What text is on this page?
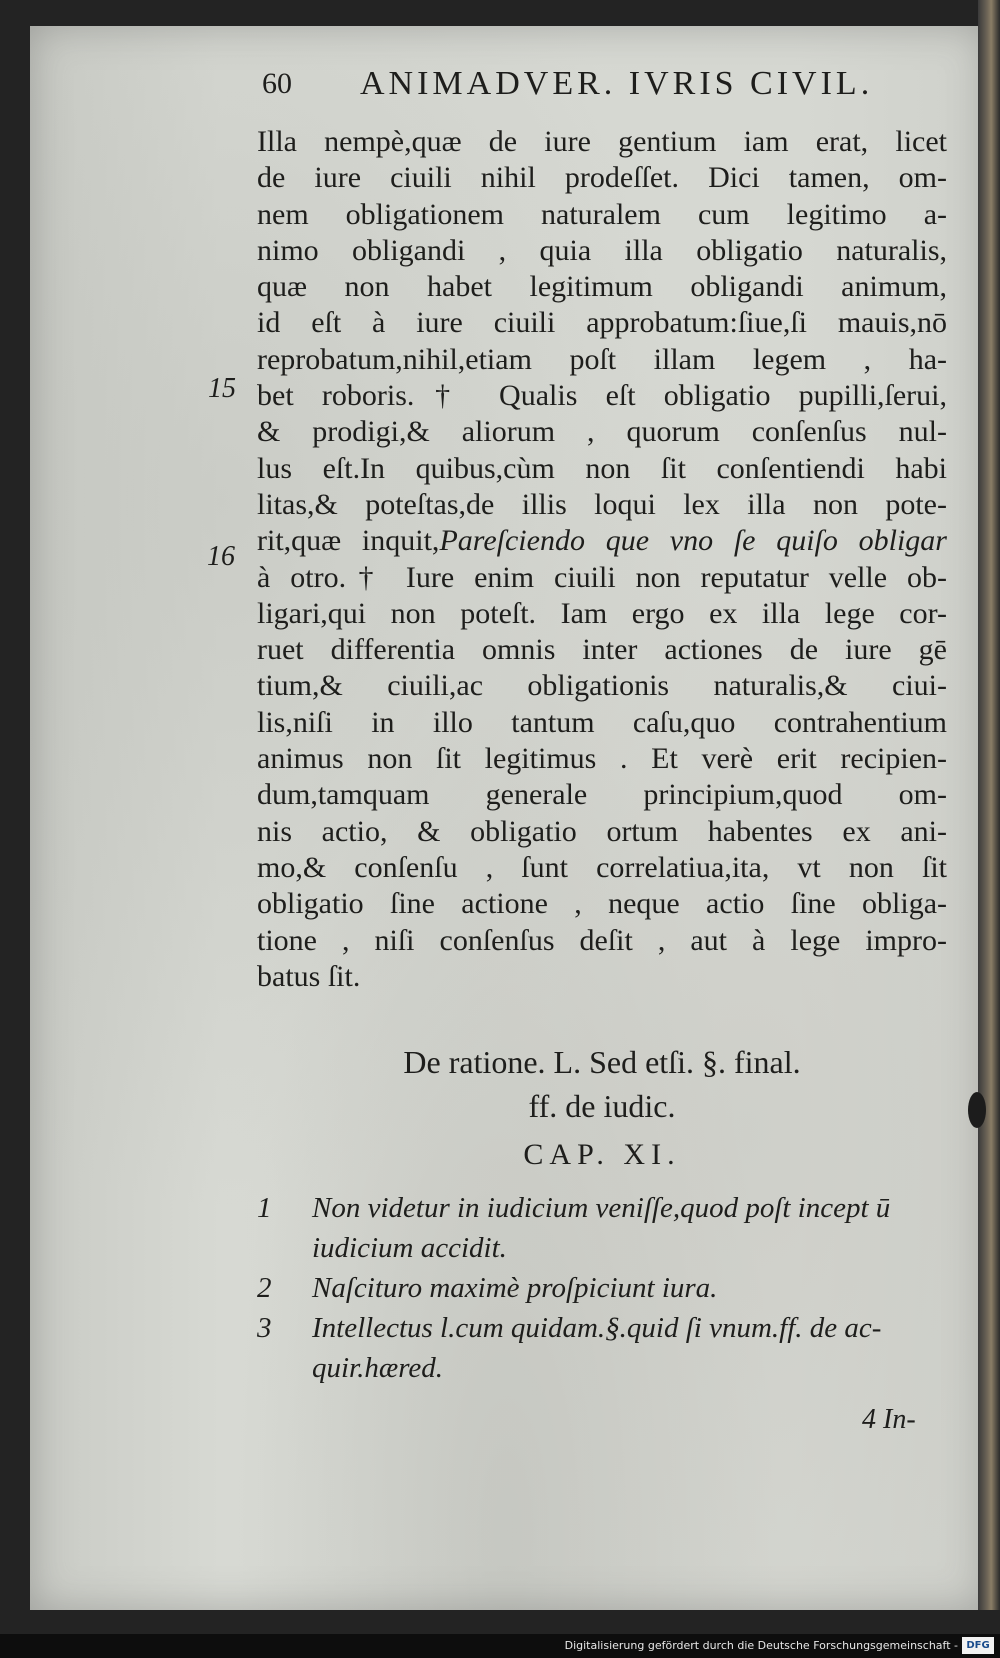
60 ANIMADVER. IVRIS CIVIL.
Illa nempè,quæ de iure gentium iam erat, licet
de iure ciuili nihil prodeſſet. Dici tamen, om-
nem obligationem naturalem cum legitimo a-
nimo obligandi , quia illa obligatio naturalis,
quæ non habet legitimum obligandi animum,
id eſt à iure ciuili approbatum:ſiue,ſi mauis,nō
reprobatum,nihil,etiam poſt illam legem , ha-
bet roboris.† Qualis eſt obligatio pupilli,ſerui,
& prodigi,& aliorum , quorum conſenſus nul-
lus eſt.In quibus,cùm non ſit conſentiendi habi
litas,& poteſtas,de illis loqui lex illa non pote-
rit,quæ inquit,Pareſciendo que vno ſe quiſo obligar
à otro.† Iure enim ciuili non reputatur velle ob-
ligari,qui non poteſt. Iam ergo ex illa lege cor-
ruet differentia omnis inter actiones de iure gē
tium,& ciuili,ac obligationis naturalis,& ciui-
lis,niſi in illo tantum caſu,quo contrahentium
animus non ſit legitimus . Et verè erit recipien-
dum,tamquam generale principium,quod om-
nis actio, & obligatio ortum habentes ex ani-
mo,& conſenſu , ſunt correlatiua,ita, vt non ſit
obligatio ſine actione , neque actio ſine obliga-
tione , niſi conſenſus deſit , aut à lege impro-
batus ſit.
15
16
De ratione. L. Sed etſi. §. final.
ff. de iudic.
CAP. XI.
1	Non videtur in iudicium veniſſe,quod poſt incept ū
iudicium accidit.
2	Naſcituro maximè proſpiciunt iura.
3	Intellectus l.cum quidam.§.quid ſi vnum.ff. de ac-
quir.hæred.
4 In-
Digitalisierung gefördert durch die Deutsche Forschungsgemeinschaft - DFG
